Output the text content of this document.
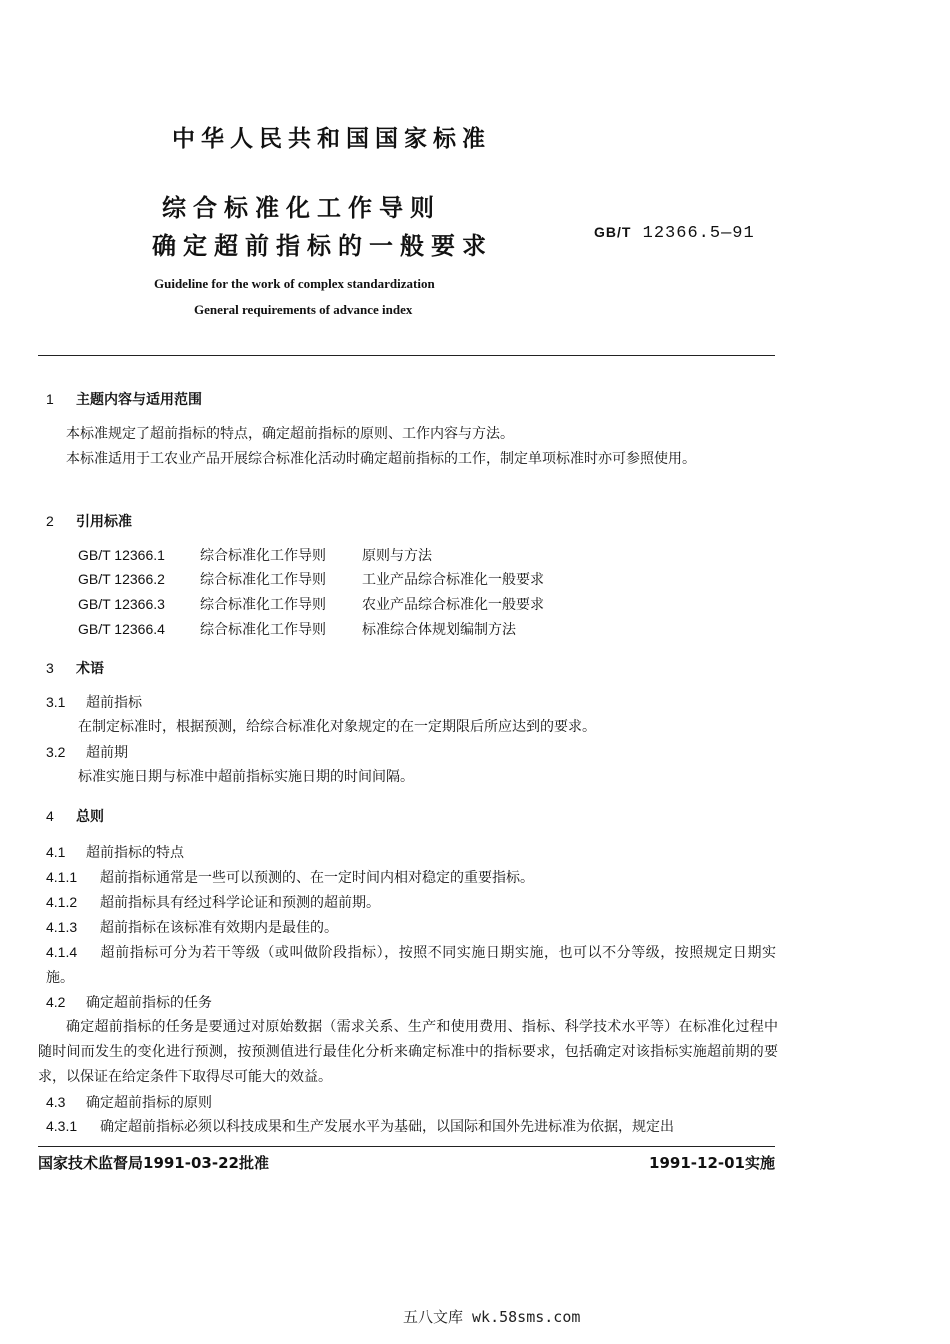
中华人民共和国国家标准
综合标准化工作导则
确定超前指标的一般要求	GB/T 12366.5—91
Guideline for the work of complex standardization
General requirements of advance index
1 主题内容与适用范围
本标准规定了超前指标的特点，确定超前指标的原则、工作内容与方法。
本标准适用于工农业产品开展综合标准化活动时确定超前指标的工作，制定单项标准时亦可参照使用。
2 引用标准
GB/T 12366.1	综合标准化工作导则	原则与方法
GB/T 12366.2	综合标准化工作导则	工业产品综合标准化一般要求
GB/T 12366.3	综合标准化工作导则	农业产品综合标准化一般要求
GB/T 12366.4	综合标准化工作导则	标准综合体规划编制方法
3 术语
3.1 超前指标
在制定标准时，根据预测，给综合标准化对象规定的在一定期限后所应达到的要求。
3.2 超前期
标准实施日期与标准中超前指标实施日期的时间间隔。
4 总则
4.1 超前指标的特点
4.1.1 超前指标通常是一些可以预测的、在一定时间内相对稳定的重要指标。
4.1.2 超前指标具有经过科学论证和预测的超前期。
4.1.3 超前指标在该标准有效期内是最佳的。
4.1.4 超前指标可分为若干等级（或叫做阶段指标），按照不同实施日期实施，也可以不分等级，按照规定日期实施。
4.2 确定超前指标的任务
确定超前指标的任务是要通过对原始数据（需求关系、生产和使用费用、指标、科学技术水平等）在标准化过程中随时间而发生的变化进行预测，按预测值进行最佳化分析来确定标准中的指标要求，包括确定对该指标实施超前期的要求，以保证在给定条件下取得尽可能大的效益。
4.3 确定超前指标的原则
4.3.1 确定超前指标必须以科技成果和生产发展水平为基础，以国际和国外先进标准为依据，规定出
国家技术监督局1991-03-22批准	1991-12-01实施
五八文库 wk.58sms.com
